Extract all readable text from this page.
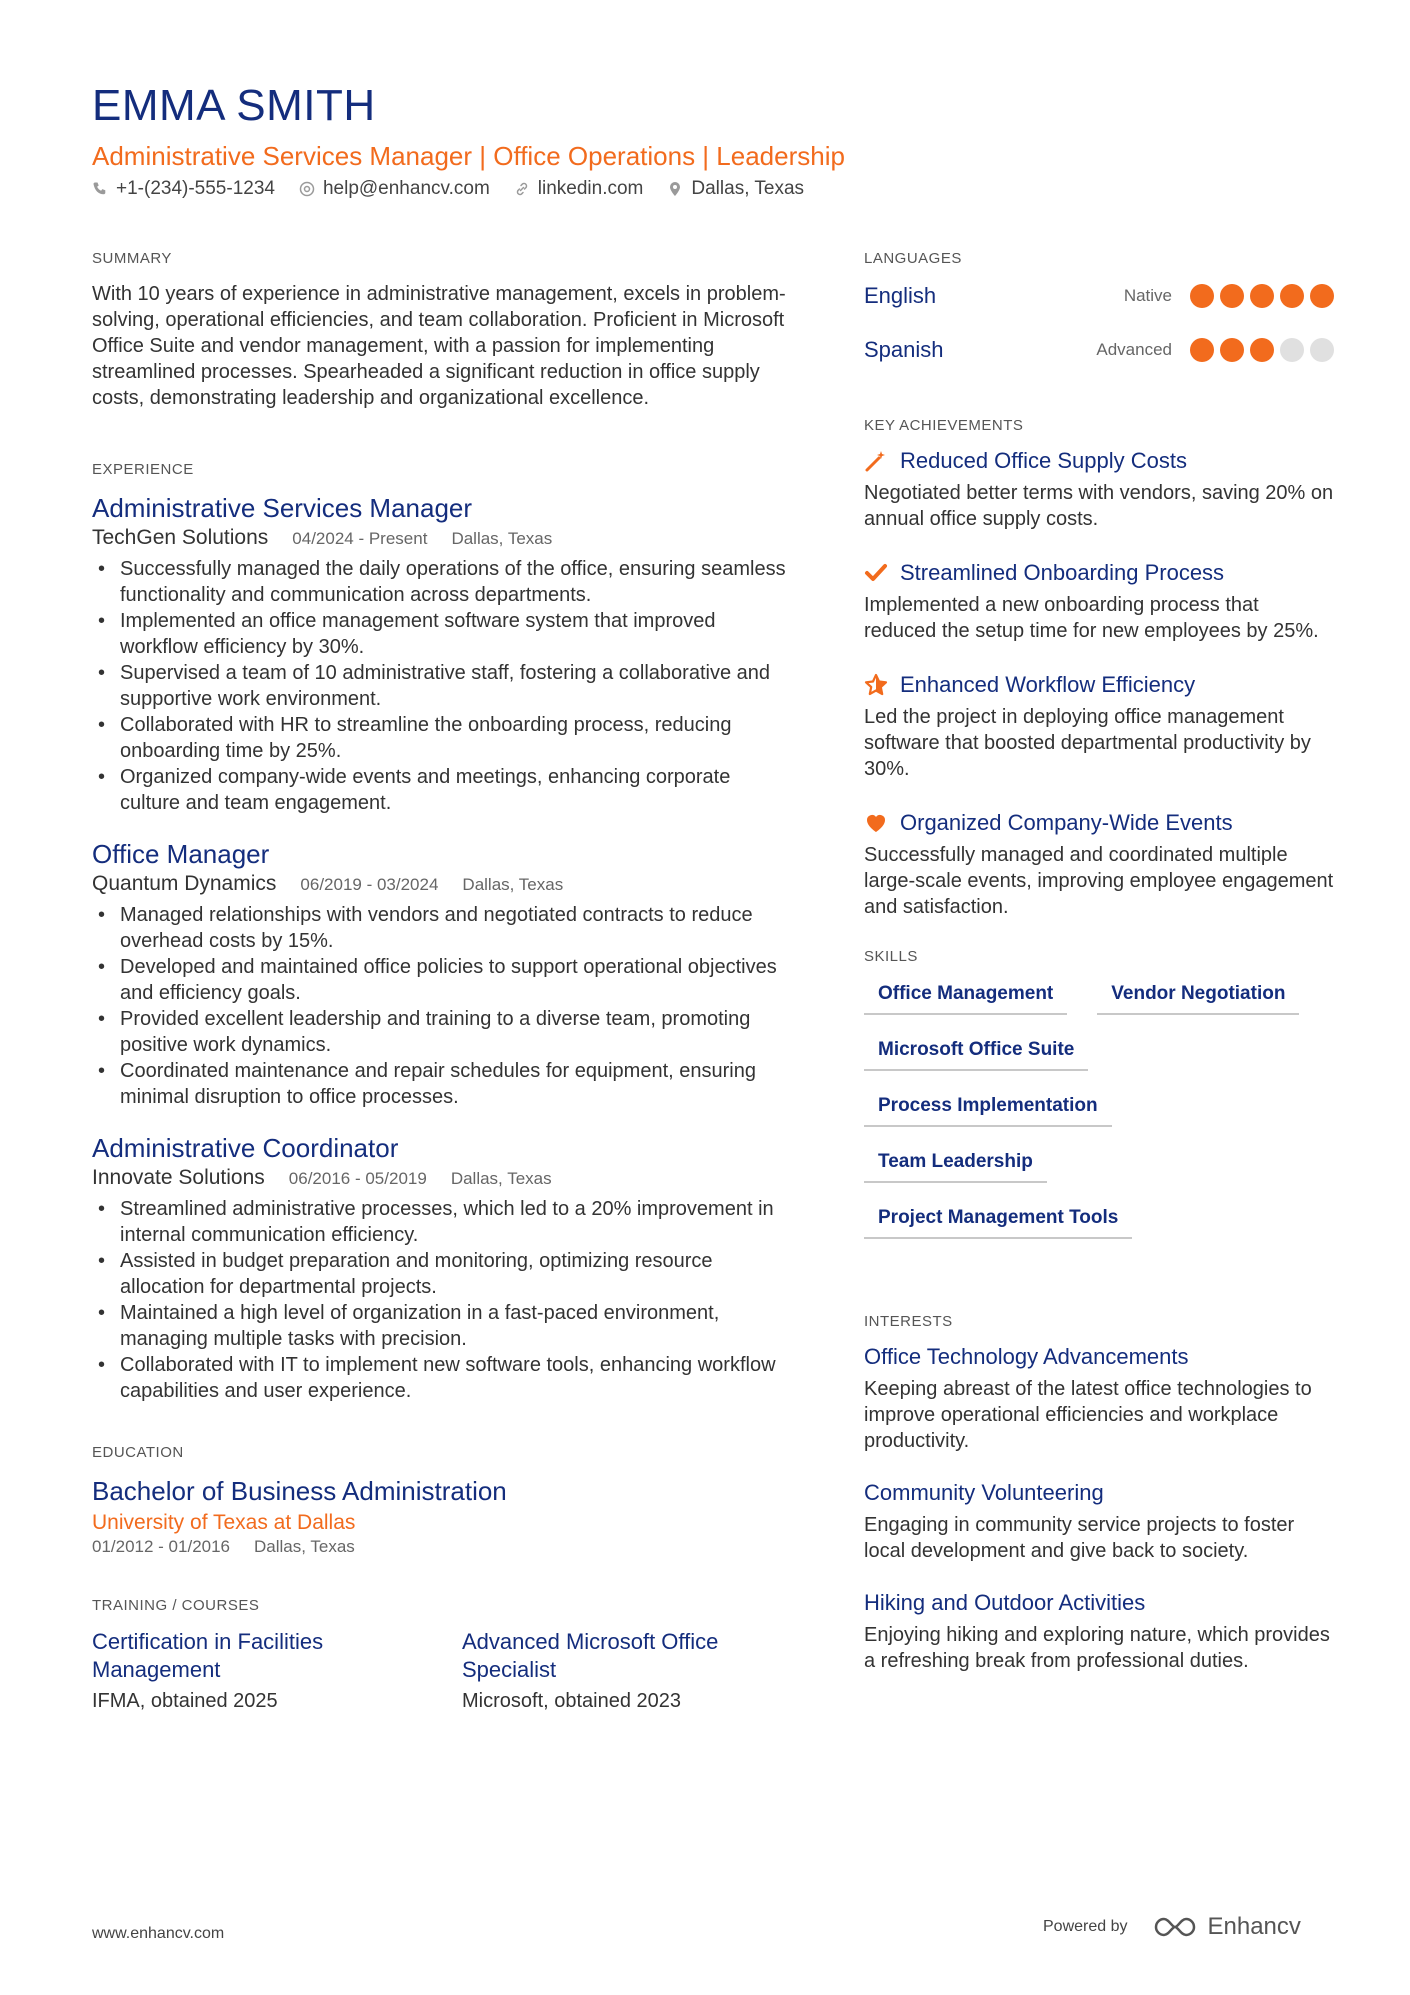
EMMA SMITH
Administrative Services Manager | Office Operations | Leadership
+1-(234)-555-1234	help@enhancv.com	linkedin.com	Dallas, Texas
SUMMARY
With 10 years of experience in administrative management, excels in problem-solving, operational efficiencies, and team collaboration. Proficient in Microsoft Office Suite and vendor management, with a passion for implementing streamlined processes. Spearheaded a significant reduction in office supply costs, demonstrating leadership and organizational excellence.
EXPERIENCE
Administrative Services Manager
TechGen Solutions 04/2024 - Present Dallas, Texas
• Successfully managed the daily operations of the office, ensuring seamless functionality and communication across departments.
• Implemented an office management software system that improved workflow efficiency by 30%.
• Supervised a team of 10 administrative staff, fostering a collaborative and supportive work environment.
• Collaborated with HR to streamline the onboarding process, reducing onboarding time by 25%.
• Organized company-wide events and meetings, enhancing corporate culture and team engagement.
Office Manager
Quantum Dynamics 06/2019 - 03/2024 Dallas, Texas
• Managed relationships with vendors and negotiated contracts to reduce overhead costs by 15%.
• Developed and maintained office policies to support operational objectives and efficiency goals.
• Provided excellent leadership and training to a diverse team, promoting positive work dynamics.
• Coordinated maintenance and repair schedules for equipment, ensuring minimal disruption to office processes.
Administrative Coordinator
Innovate Solutions 06/2016 - 05/2019 Dallas, Texas
• Streamlined administrative processes, which led to a 20% improvement in internal communication efficiency.
• Assisted in budget preparation and monitoring, optimizing resource allocation for departmental projects.
• Maintained a high level of organization in a fast-paced environment, managing multiple tasks with precision.
• Collaborated with IT to implement new software tools, enhancing workflow capabilities and user experience.
EDUCATION
Bachelor of Business Administration
University of Texas at Dallas
01/2012 - 01/2016 Dallas, Texas
TRAINING / COURSES
Certification in Facilities Management
IFMA, obtained 2025
Advanced Microsoft Office Specialist
Microsoft, obtained 2023
LANGUAGES
English	Native
Spanish	Advanced
KEY ACHIEVEMENTS
Reduced Office Supply Costs
Negotiated better terms with vendors, saving 20% on annual office supply costs.
Streamlined Onboarding Process
Implemented a new onboarding process that reduced the setup time for new employees by 25%.
Enhanced Workflow Efficiency
Led the project in deploying office management software that boosted departmental productivity by 30%.
Organized Company-Wide Events
Successfully managed and coordinated multiple large-scale events, improving employee engagement and satisfaction.
SKILLS
Office Management	Vendor Negotiation
Microsoft Office Suite
Process Implementation
Team Leadership
Project Management Tools
INTERESTS
Office Technology Advancements
Keeping abreast of the latest office technologies to improve operational efficiencies and workplace productivity.
Community Volunteering
Engaging in community service projects to foster local development and give back to society.
Hiking and Outdoor Activities
Enjoying hiking and exploring nature, which provides a refreshing break from professional duties.
www.enhancv.com	Powered by	Enhancv
